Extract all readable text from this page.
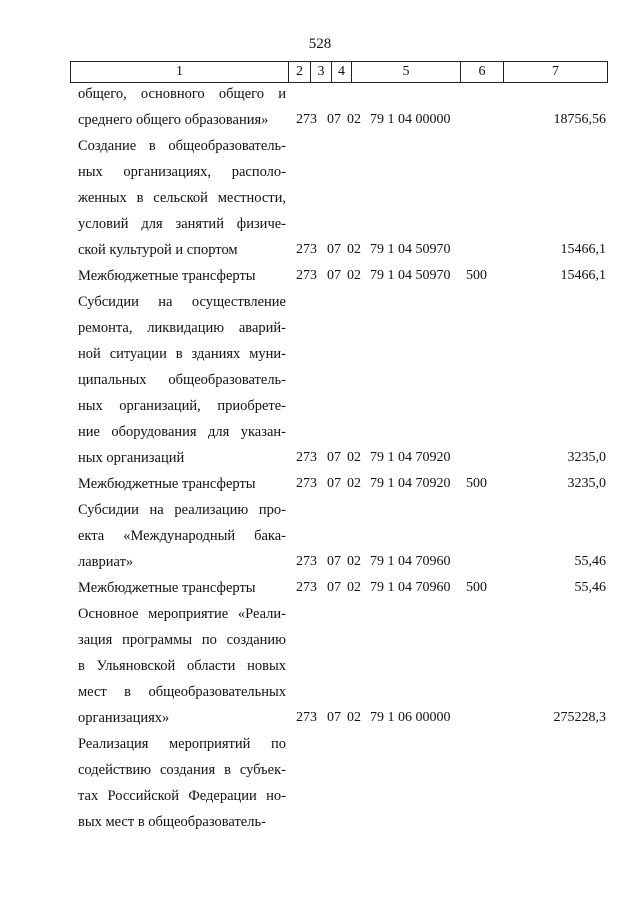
528
1	2	3 4	5	6	7
общего, основного общего и
среднего общего образования»	273 07 02 79 1 04 00000	18756,56
Создание в общеобразователь-
ных организациях, располо-
женных в сельской местности,
условий для занятий физиче-
ской культурой и спортом	273 07 02 79 1 04 50970	15466,1
Межбюджетные трансферты	273 07 02 79 1 04 50970 500	15466,1
Субсидии на осуществление
ремонта, ликвидацию аварий-
ной ситуации в зданиях муни-
ципальных общеобразователь-
ных организаций, приобрете-
ние оборудования для указан-
ных организаций	273 07 02 79 1 04 70920	3235,0
Межбюджетные трансферты	273 07 02 79 1 04 70920 500	3235,0
Субсидии на реализацию про-
екта «Международный бака-
лавриат»	273 07 02 79 1 04 70960	55,46
Межбюджетные трансферты	273 07 02 79 1 04 70960 500	55,46
Основное мероприятие «Реали-
зация программы по созданию
в Ульяновской области новых
мест в общеобразовательных
организациях»	273 07 02 79 1 06 00000	275228,3
Реализация мероприятий по
содействию создания в субъек-
тах Российской Федерации но-
вых мест в общеобразователь-
